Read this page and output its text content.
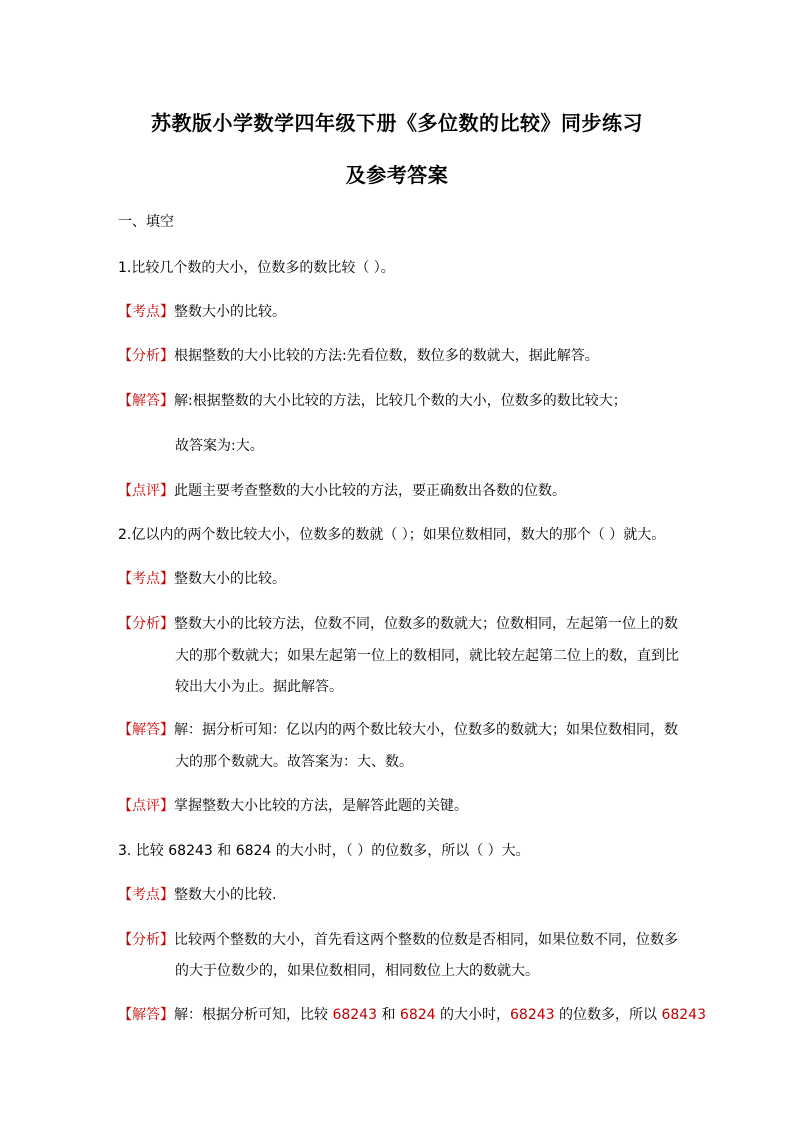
苏教版小学数学四年级下册《多位数的比较》同步练习
及参考答案
一、填空
1.比较几个数的大小，位数多的数比较（ ）。
【考点】整数大小的比较。
【分析】根据整数的大小比较的方法:先看位数，数位多的数就大，据此解答。
【解答】解:根据整数的大小比较的方法，比较几个数的大小，位数多的数比较大；
故答案为:大。
【点评】此题主要考查整数的大小比较的方法，要正确数出各数的位数。
2.亿以内的两个数比较大小，位数多的数就（ ）；如果位数相同，数大的那个（ ）就大。
【考点】整数大小的比较。
【分析】整数大小的比较方法，位数不同，位数多的数就大；位数相同，左起第一位上的数
大的那个数就大；如果左起第一位上的数相同，就比较左起第二位上的数，直到比
较出大小为止。据此解答。
【解答】解：据分析可知：亿以内的两个数比较大小，位数多的数就大；如果位数相同，数
大的那个数就大。故答案为：大、数。
【点评】掌握整数大小比较的方法，是解答此题的关键。
3. 比较 68243 和 6824 的大小时，（ ）的位数多，所以（ ）大。
【考点】整数大小的比较.
【分析】比较两个整数的大小，首先看这两个整数的位数是否相同，如果位数不同，位数多
的大于位数少的，如果位数相同，相同数位上大的数就大。
【解答】解：根据分析可知，比较 68243 和 6824 的大小时，68243 的位数多，所以 68243
